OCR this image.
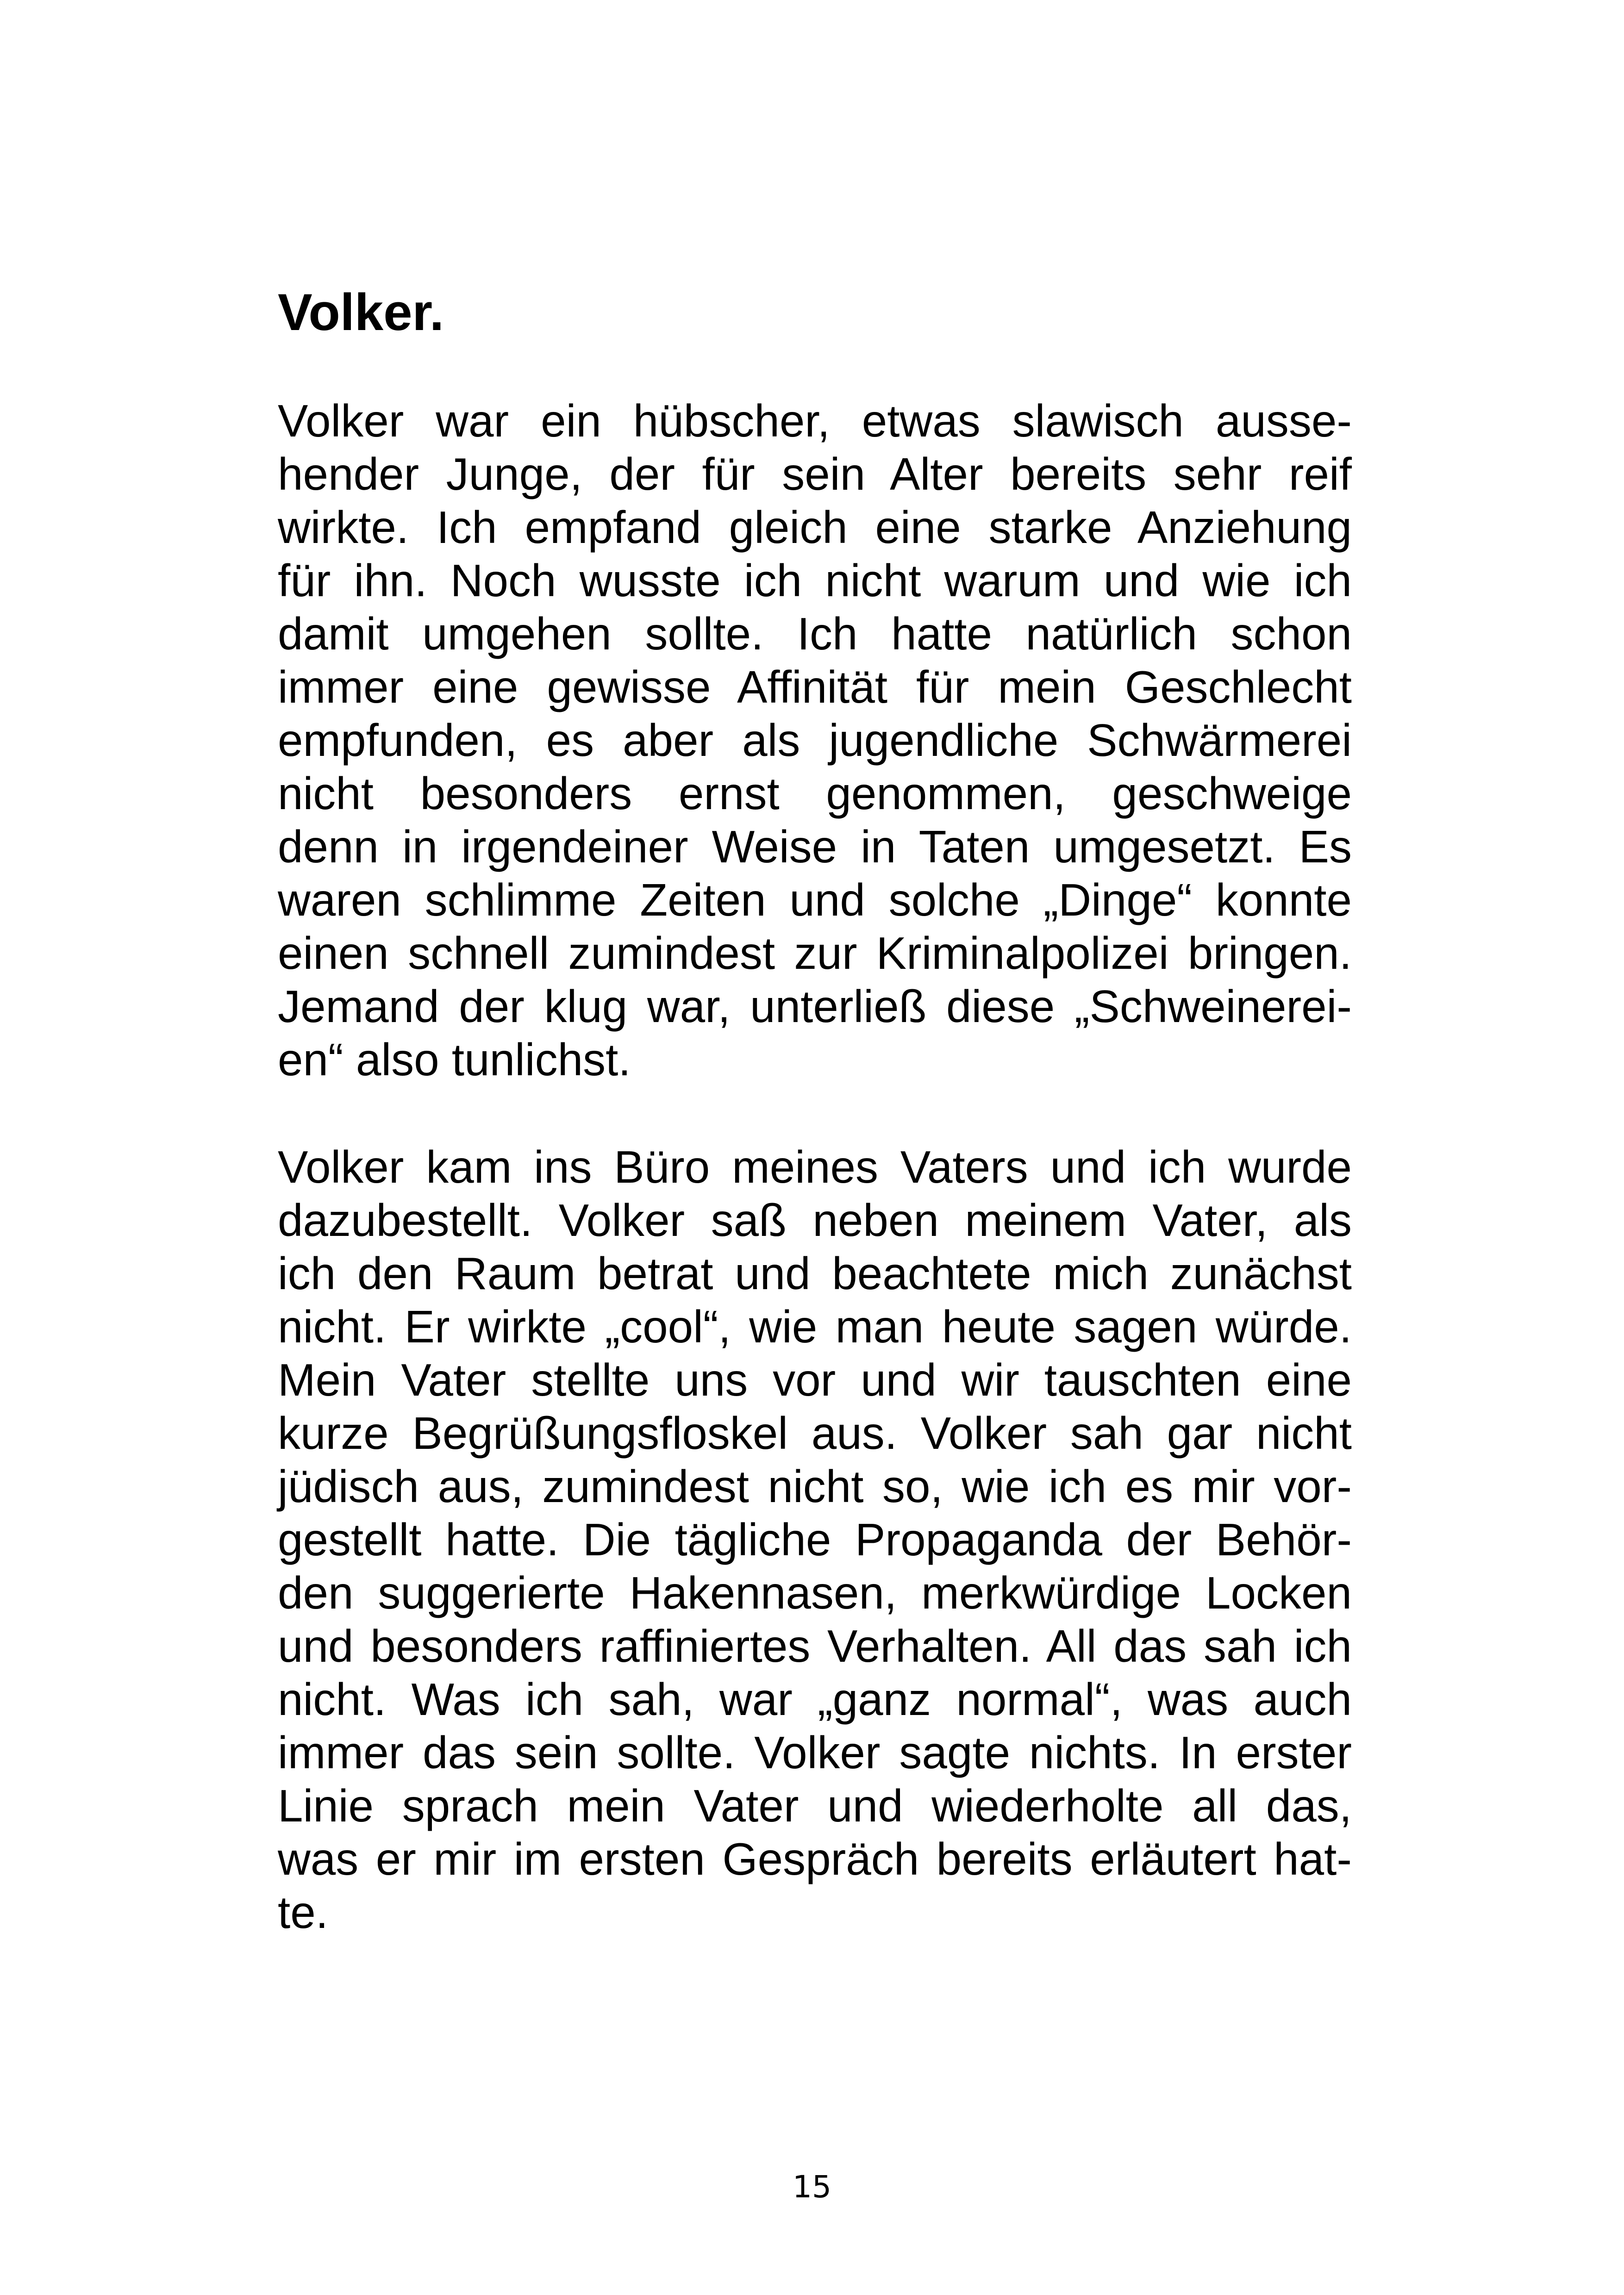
Volker.
Volker war ein hübscher, etwas slawisch ausse-
hender Junge, der für sein Alter bereits sehr reif
wirkte. Ich empfand gleich eine starke Anziehung
für ihn. Noch wusste ich nicht warum und wie ich
damit umgehen sollte. Ich hatte natürlich schon
immer eine gewisse Affinität für mein Geschlecht
empfunden, es aber als jugendliche Schwärmerei
nicht besonders ernst genommen, geschweige
denn in irgendeiner Weise in Taten umgesetzt. Es
waren schlimme Zeiten und solche „Dinge“ konnte
einen schnell zumindest zur Kriminalpolizei bringen.
Jemand der klug war, unterließ diese „Schweinerei-
en“ also tunlichst.
Volker kam ins Büro meines Vaters und ich wurde
dazubestellt. Volker saß neben meinem Vater, als
ich den Raum betrat und beachtete mich zunächst
nicht. Er wirkte „cool“, wie man heute sagen würde.
Mein Vater stellte uns vor und wir tauschten eine
kurze Begrüßungsfloskel aus. Volker sah gar nicht
jüdisch aus, zumindest nicht so, wie ich es mir vor-
gestellt hatte. Die tägliche Propaganda der Behör-
den suggerierte Hakennasen, merkwürdige Locken
und besonders raffiniertes Verhalten. All das sah ich
nicht. Was ich sah, war „ganz normal“, was auch
immer das sein sollte. Volker sagte nichts. In erster
Linie sprach mein Vater und wiederholte all das,
was er mir im ersten Gespräch bereits erläutert hat-
te.
15
